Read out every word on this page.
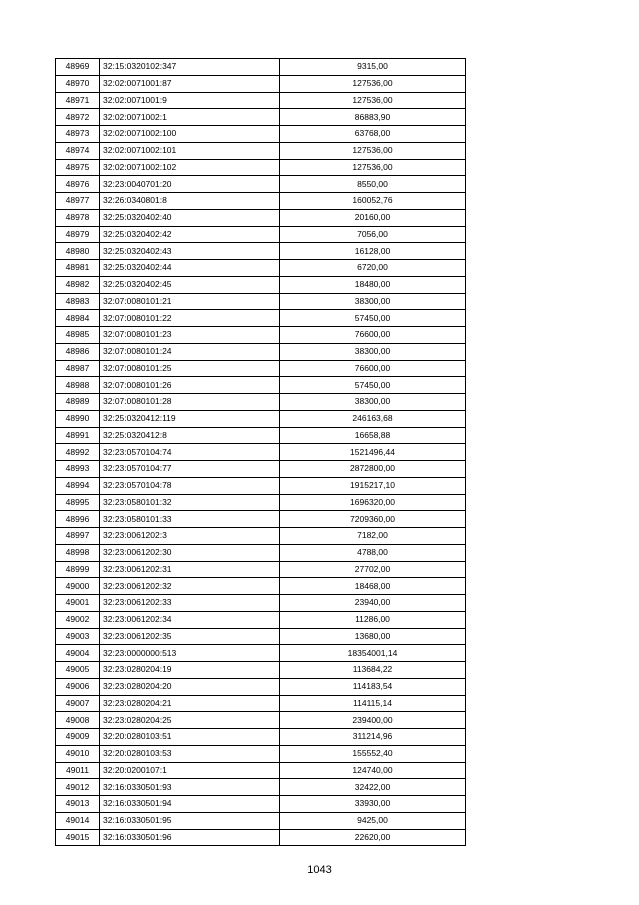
48969	32:15:0320102:347	9315,00
48970	32:02:0071001:87	127536,00
48971	32:02:0071001:9	127536,00
48972	32:02:0071002:1	86883,90
48973	32:02:0071002:100	63768,00
48974	32:02:0071002:101	127536,00
48975	32:02:0071002:102	127536,00
48976	32:23:0040701:20	8550,00
48977	32:26:0340801:8	160052,76
48978	32:25:0320402:40	20160,00
48979	32:25:0320402:42	7056,00
48980	32:25:0320402:43	16128,00
48981	32:25:0320402:44	6720,00
48982	32:25:0320402:45	18480,00
48983	32:07:0080101:21	38300,00
48984	32:07:0080101:22	57450,00
48985	32:07:0080101:23	76600,00
48986	32:07:0080101:24	38300,00
48987	32:07:0080101:25	76600,00
48988	32:07:0080101:26	57450,00
48989	32:07:0080101:28	38300,00
48990	32:25:0320412:119	246163,68
48991	32:25:0320412:8	16658,88
48992	32:23:0570104:74	1521496,44
48993	32:23:0570104:77	2872800,00
48994	32:23:0570104:78	1915217,10
48995	32:23:0580101:32	1696320,00
48996	32:23:0580101:33	7209360,00
48997	32:23:0061202:3	7182,00
48998	32:23:0061202:30	4788,00
48999	32:23:0061202:31	27702,00
49000	32:23:0061202:32	18468,00
49001	32:23:0061202:33	23940,00
49002	32:23:0061202:34	11286,00
49003	32:23:0061202:35	13680,00
49004	32:23:0000000:513	18354001,14
49005	32:23:0280204:19	113684,22
49006	32:23:0280204:20	114183,54
49007	32:23:0280204:21	114115,14
49008	32:23:0280204:25	239400,00
49009	32:20:0280103:51	311214,96
49010	32:20:0280103:53	155552,40
49011	32:20:0200107:1	124740,00
49012	32:16:0330501:93	32422,00
49013	32:16:0330501:94	33930,00
49014	32:16:0330501:95	9425,00
49015	32:16:0330501:96	22620,00
1043
